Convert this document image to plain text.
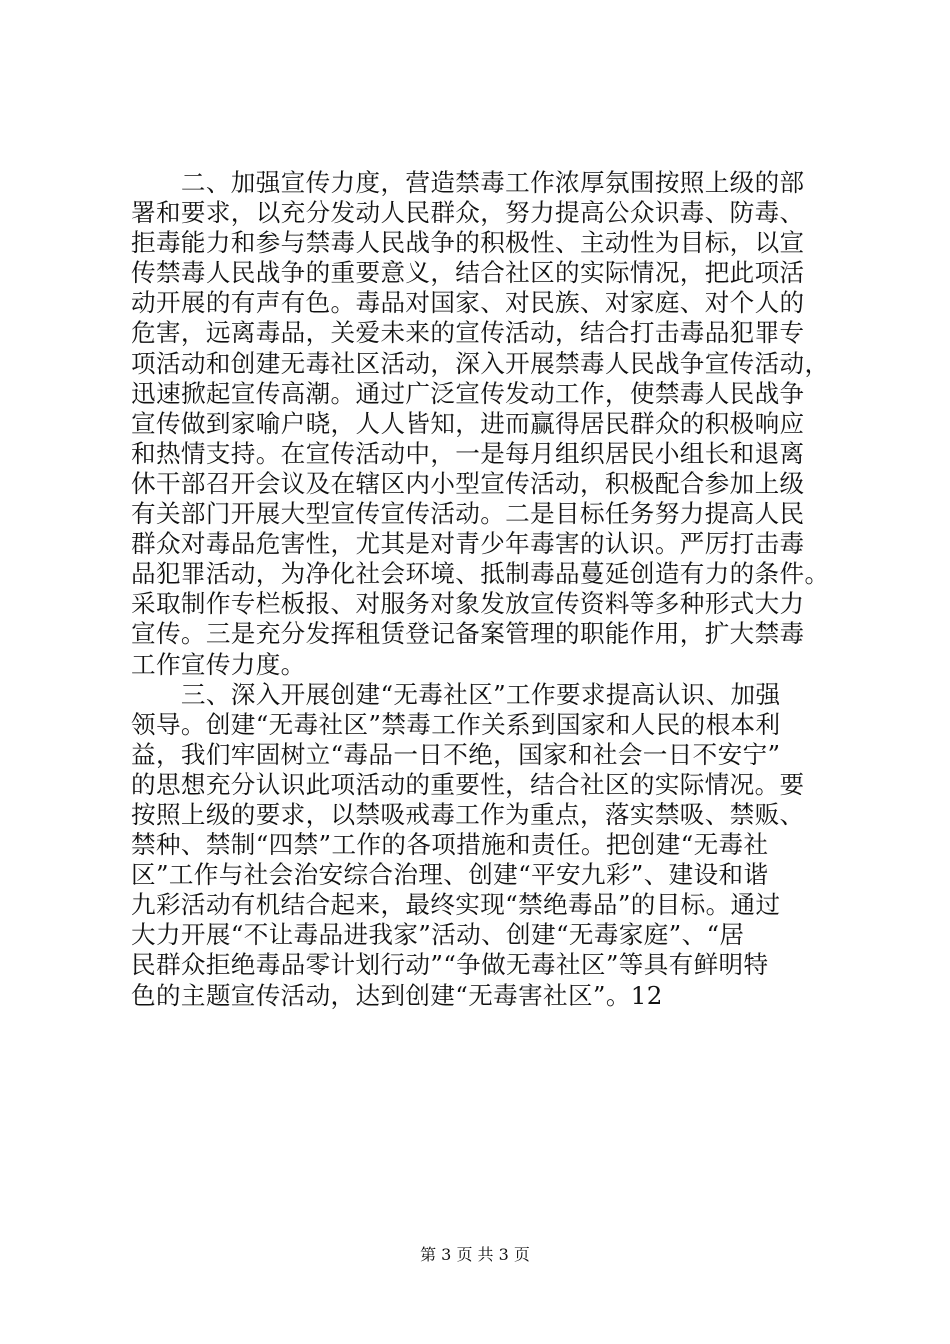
　　二、加强宣传力度，营造禁毒工作浓厚氛围按照上级的部
署和要求，以充分发动人民群众，努力提高公众识毒、防毒、
拒毒能力和参与禁毒人民战争的积极性、主动性为目标，以宣
传禁毒人民战争的重要意义，结合社区的实际情况，把此项活
动开展的有声有色。毒品对国家、对民族、对家庭、对个人的
危害，远离毒品，关爱未来的宣传活动，结合打击毒品犯罪专
项活动和创建无毒社区活动，深入开展禁毒人民战争宣传活动，
迅速掀起宣传高潮。通过广泛宣传发动工作，使禁毒人民战争
宣传做到家喻户晓，人人皆知，进而赢得居民群众的积极响应
和热情支持。在宣传活动中，一是每月组织居民小组长和退离
休干部召开会议及在辖区内小型宣传活动，积极配合参加上级
有关部门开展大型宣传宣传活动。二是目标任务努力提高人民
群众对毒品危害性，尤其是对青少年毒害的认识。严厉打击毒
品犯罪活动，为净化社会环境、抵制毒品蔓延创造有力的条件。
采取制作专栏板报、对服务对象发放宣传资料等多种形式大力
宣传。三是充分发挥租赁登记备案管理的职能作用，扩大禁毒
工作宣传力度。
　　三、深入开展创建“无毒社区”工作要求提高认识、加强
领导。创建“无毒社区”禁毒工作关系到国家和人民的根本利
益，我们牢固树立“毒品一日不绝，国家和社会一日不安宁”
的思想充分认识此项活动的重要性，结合社区的实际情况。要
按照上级的要求，以禁吸戒毒工作为重点，落实禁吸、禁贩、
禁种、禁制“四禁”工作的各项措施和责任。把创建“无毒社
区”工作与社会治安综合治理、创建“平安九彩”、建设和谐
九彩活动有机结合起来，最终实现“禁绝毒品”的目标。通过
大力开展“不让毒品进我家”活动、创建“无毒家庭”、“居
民群众拒绝毒品零计划行动”“争做无毒社区”等具有鲜明特
色的主题宣传活动，达到创建“无毒害社区”。12
第 3 页 共 3 页
